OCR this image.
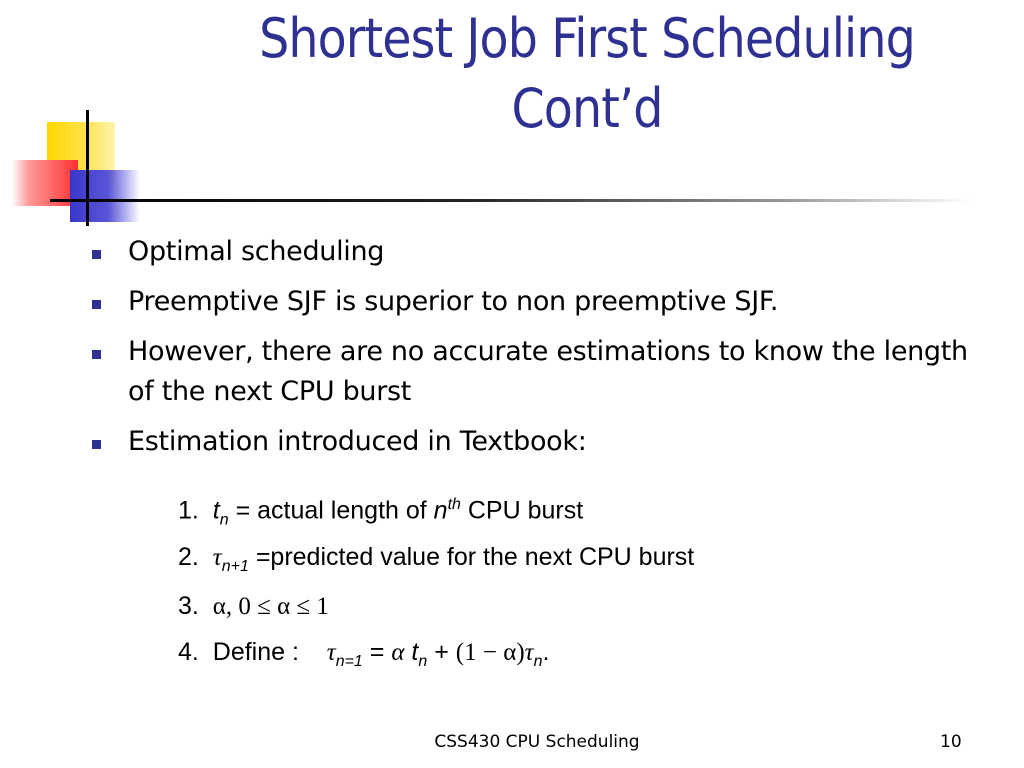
Shortest Job First Scheduling
Cont’d
Optimal scheduling
Preemptive SJF is superior to non preemptive SJF.
However, there are no accurate estimations to know the length of the next CPU burst
Estimation introduced in Textbook:
1. $t_n$ = actual length of $n^{th}$ CPU burst
2. $\tau_{n+1}$ =predicted value for the next CPU burst
3. α, 0 ≤ α ≤ 1
4. Define : $\tau_{n=1} = \alpha$ $t_n + (1 - \alpha)\tau_n$.
CSS430 CPU Scheduling	10
